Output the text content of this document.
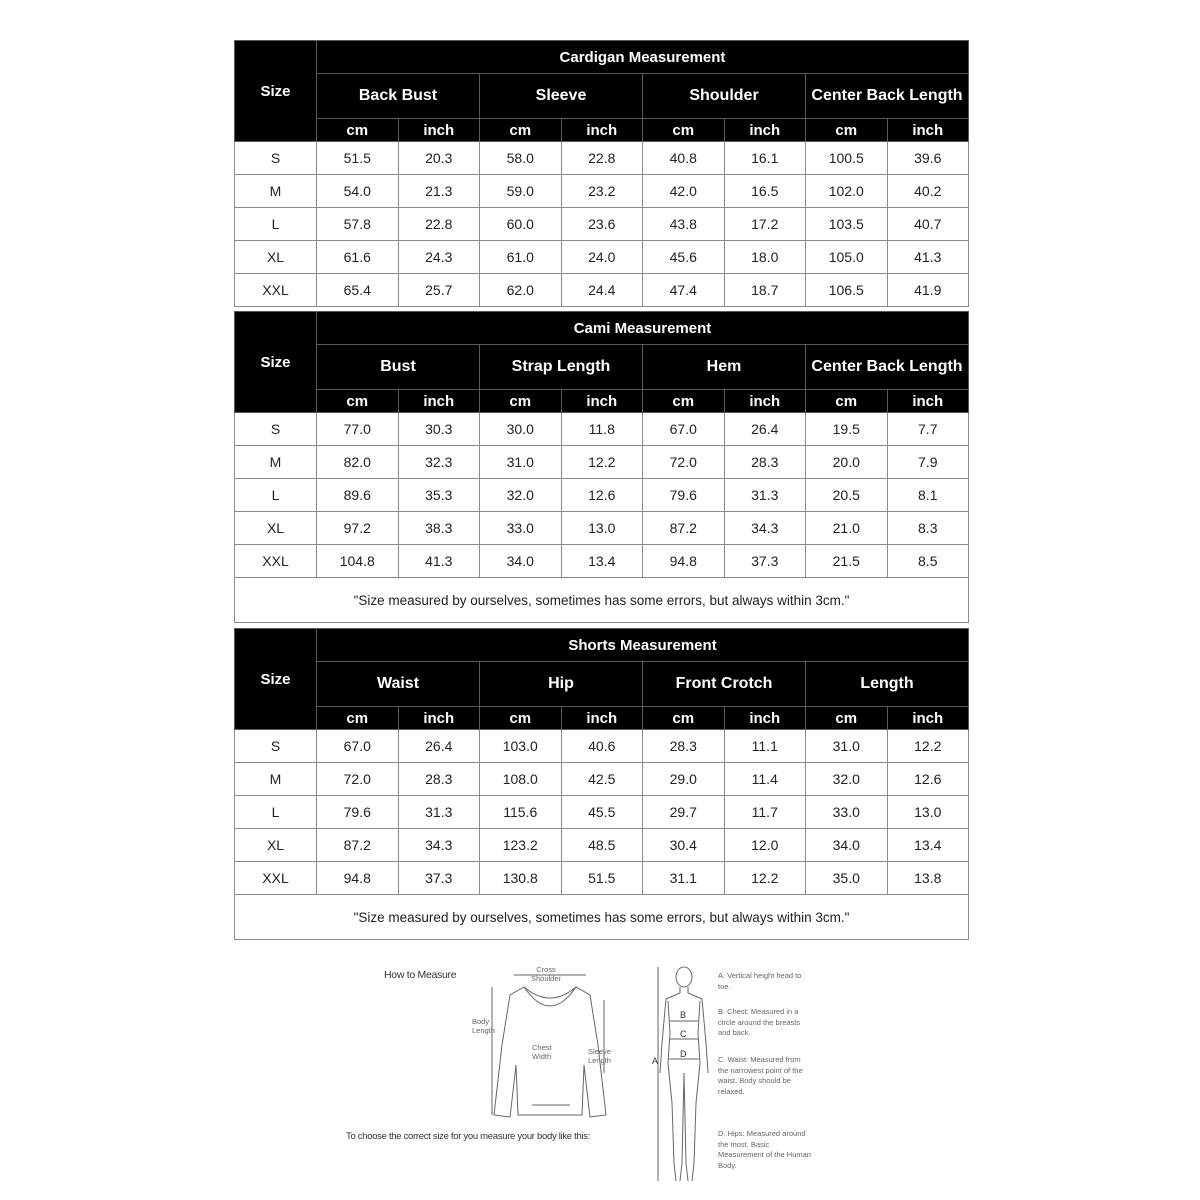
Size	Cardigan Measurement							
	Back Bust		Sleeve		Shoulder		Center Back Length	
	cm	inch	cm	inch	cm	inch	cm	inch
S	51.5	20.3	58.0	22.8	40.8	16.1	100.5	39.6
M	54.0	21.3	59.0	23.2	42.0	16.5	102.0	40.2
L	57.8	22.8	60.0	23.6	43.8	17.2	103.5	40.7
XL	61.6	24.3	61.0	24.0	45.6	18.0	105.0	41.3
XXL	65.4	25.7	62.0	24.4	47.4	18.7	106.5	41.9
Size	Cami Measurement							
	Bust		Strap Length		Hem		Center Back Length	
	cm	inch	cm	inch	cm	inch	cm	inch
S	77.0	30.3	30.0	11.8	67.0	26.4	19.5	7.7
M	82.0	32.3	31.0	12.2	72.0	28.3	20.0	7.9
L	89.6	35.3	32.0	12.6	79.6	31.3	20.5	8.1
XL	97.2	38.3	33.0	13.0	87.2	34.3	21.0	8.3
XXL	104.8	41.3	34.0	13.4	94.8	37.3	21.5	8.5
"Size measured by ourselves, sometimes has some errors, but always within 3cm."								
Size	Shorts Measurement							
	Waist		Hip		Front Crotch		Length	
	cm	inch	cm	inch	cm	inch	cm	inch
S	67.0	26.4	103.0	40.6	28.3	11.1	31.0	12.2
M	72.0	28.3	108.0	42.5	29.0	11.4	32.0	12.6
L	79.6	31.3	115.6	45.5	29.7	11.7	33.0	13.0
XL	87.2	34.3	123.2	48.5	30.4	12.0	34.0	13.4
XXL	94.8	37.3	130.8	51.5	31.1	12.2	35.0	13.8
"Size measured by ourselves, sometimes has some errors, but always within 3cm."								
How to Measure	Cross Shoulder
Body Length
Chest Width
Sleeve Length	A
B
C
D
A. Vertical height head to toe.
B. Chest: Measured in a circle around the breasts and back.
C. Waist: Measured from the narrowest point of the waist. Body should be relaxed.
D. Hips: Measured around the most. Basic Measurement of the Human Body.
To choose the correct size for you measure your body like this:
